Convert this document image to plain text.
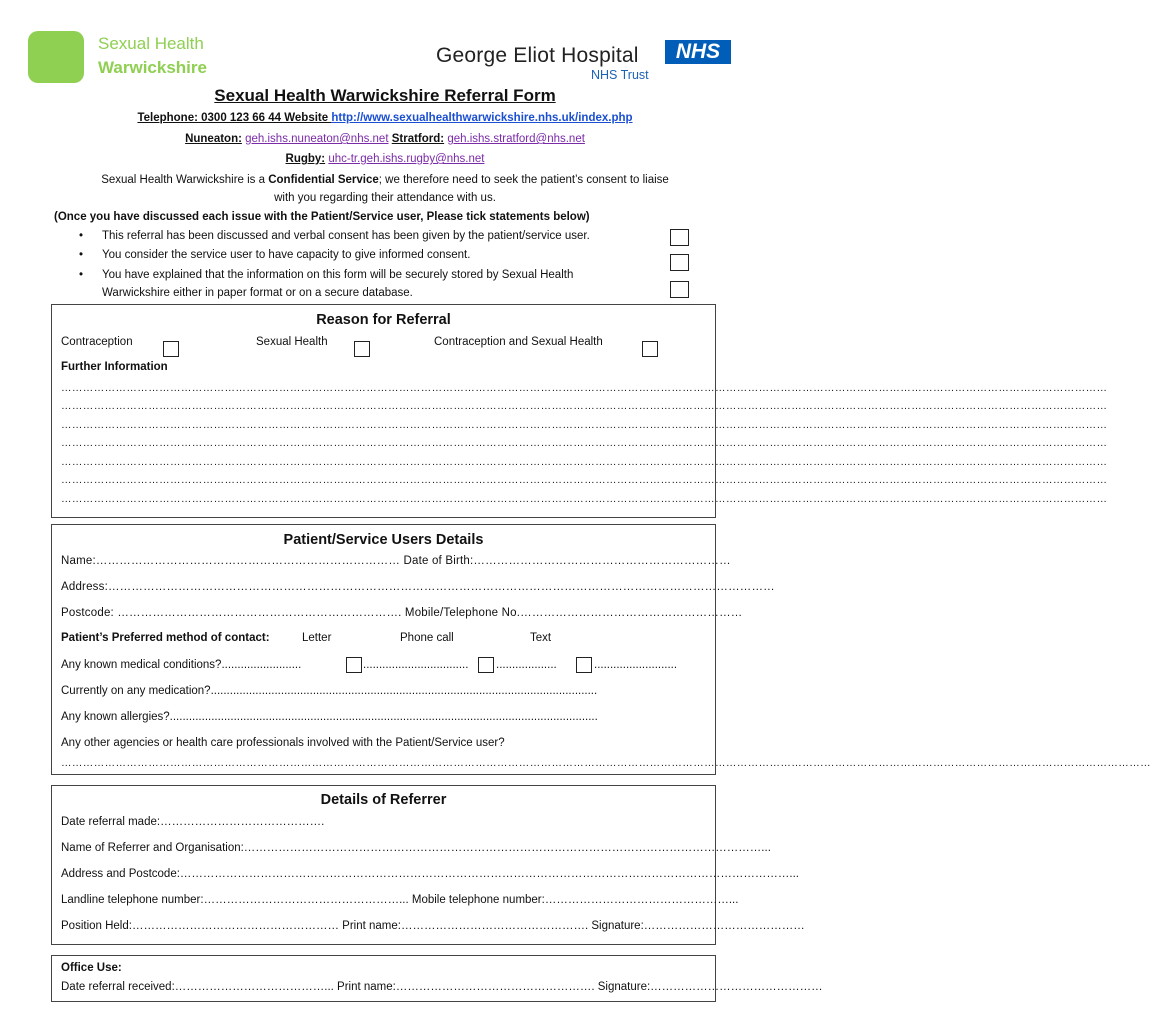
Sexual Health
Warwickshire
George Eliot Hospital	NHS
NHS Trust
Sexual Health Warwickshire Referral Form
Telephone: 0300 123 66 44 Website http://www.sexualhealthwarwickshire.nhs.uk/index.php
Nuneaton: geh.ishs.nuneaton@nhs.net Stratford: geh.ishs.stratford@nhs.net
Rugby: uhc-tr.geh.ishs.rugby@nhs.net
Sexual Health Warwickshire is a Confidential Service; we therefore need to seek the patient’s consent to liaise
with you regarding their attendance with us.
(Once you have discussed each issue with the Patient/Service user, Please tick statements below)
• This referral has been discussed and verbal consent has been given by the patient/service user.
• You consider the service user to have capacity to give informed consent.
• You have explained that the information on this form will be securely stored by Sexual Health
Warwickshire either in paper format or on a secure database.
Reason for Referral
Contraception	Sexual Health	Contraception and Sexual Health
Further Information
………………………………………………………………………………………………………………………………………………………………………………………………………………………………………………………………
………………………………………………………………………………………………………………………………………………………………………………………………………………………………………………………………
………………………………………………………………………………………………………………………………………………………………………………………………………………………………………………………………
………………………………………………………………………………………………………………………………………………………………………………………………………………………………………………………………
………………………………………………………………………………………………………………………………………………………………………………………………………………………………………………………………
………………………………………………………………………………………………………………………………………………………………………………………………………………………………………………………………
………………………………………………………………………………………………………………………………………………………………………………………………………………………………………………………………
Patient/Service Users Details
Name:…………………………………………………………………… Date of Birth:…………………………………………………………
Address:………………………………………………………………………………………………………………………………………………………
Postcode: ………………………………………………………………. Mobile/Telephone No.…………………………………………………
Patient’s Preferred method of contact:	Letter	Phone call	Text
Any known medical conditions?.........................	................................. ...................	..........................
Currently on any medication?.........................................................................................................................
Any known allergies?......................................................................................................................................
Any other agencies or health care professionals involved with the Patient/Service user?
…………………………………………………………………………………………………………………………………………………………………………………………………………………………………………………………………………
Details of Referrer
Date referral made:…………………………………….
Name of Referrer and Organisation:………………………………………………………………………………………………………………………...
Address and Postcode:……………………………………………………………………………………………………………………………………………...
Landline telephone number:……………………………………………... Mobile telephone number:…………………………………………...
Position Held:……………………………………………… Print name:…………………………………………. Signature:……………………………………
Office Use:
Date referral received:…………………………………... Print name:……………………………………………. Signature:………………………………………
